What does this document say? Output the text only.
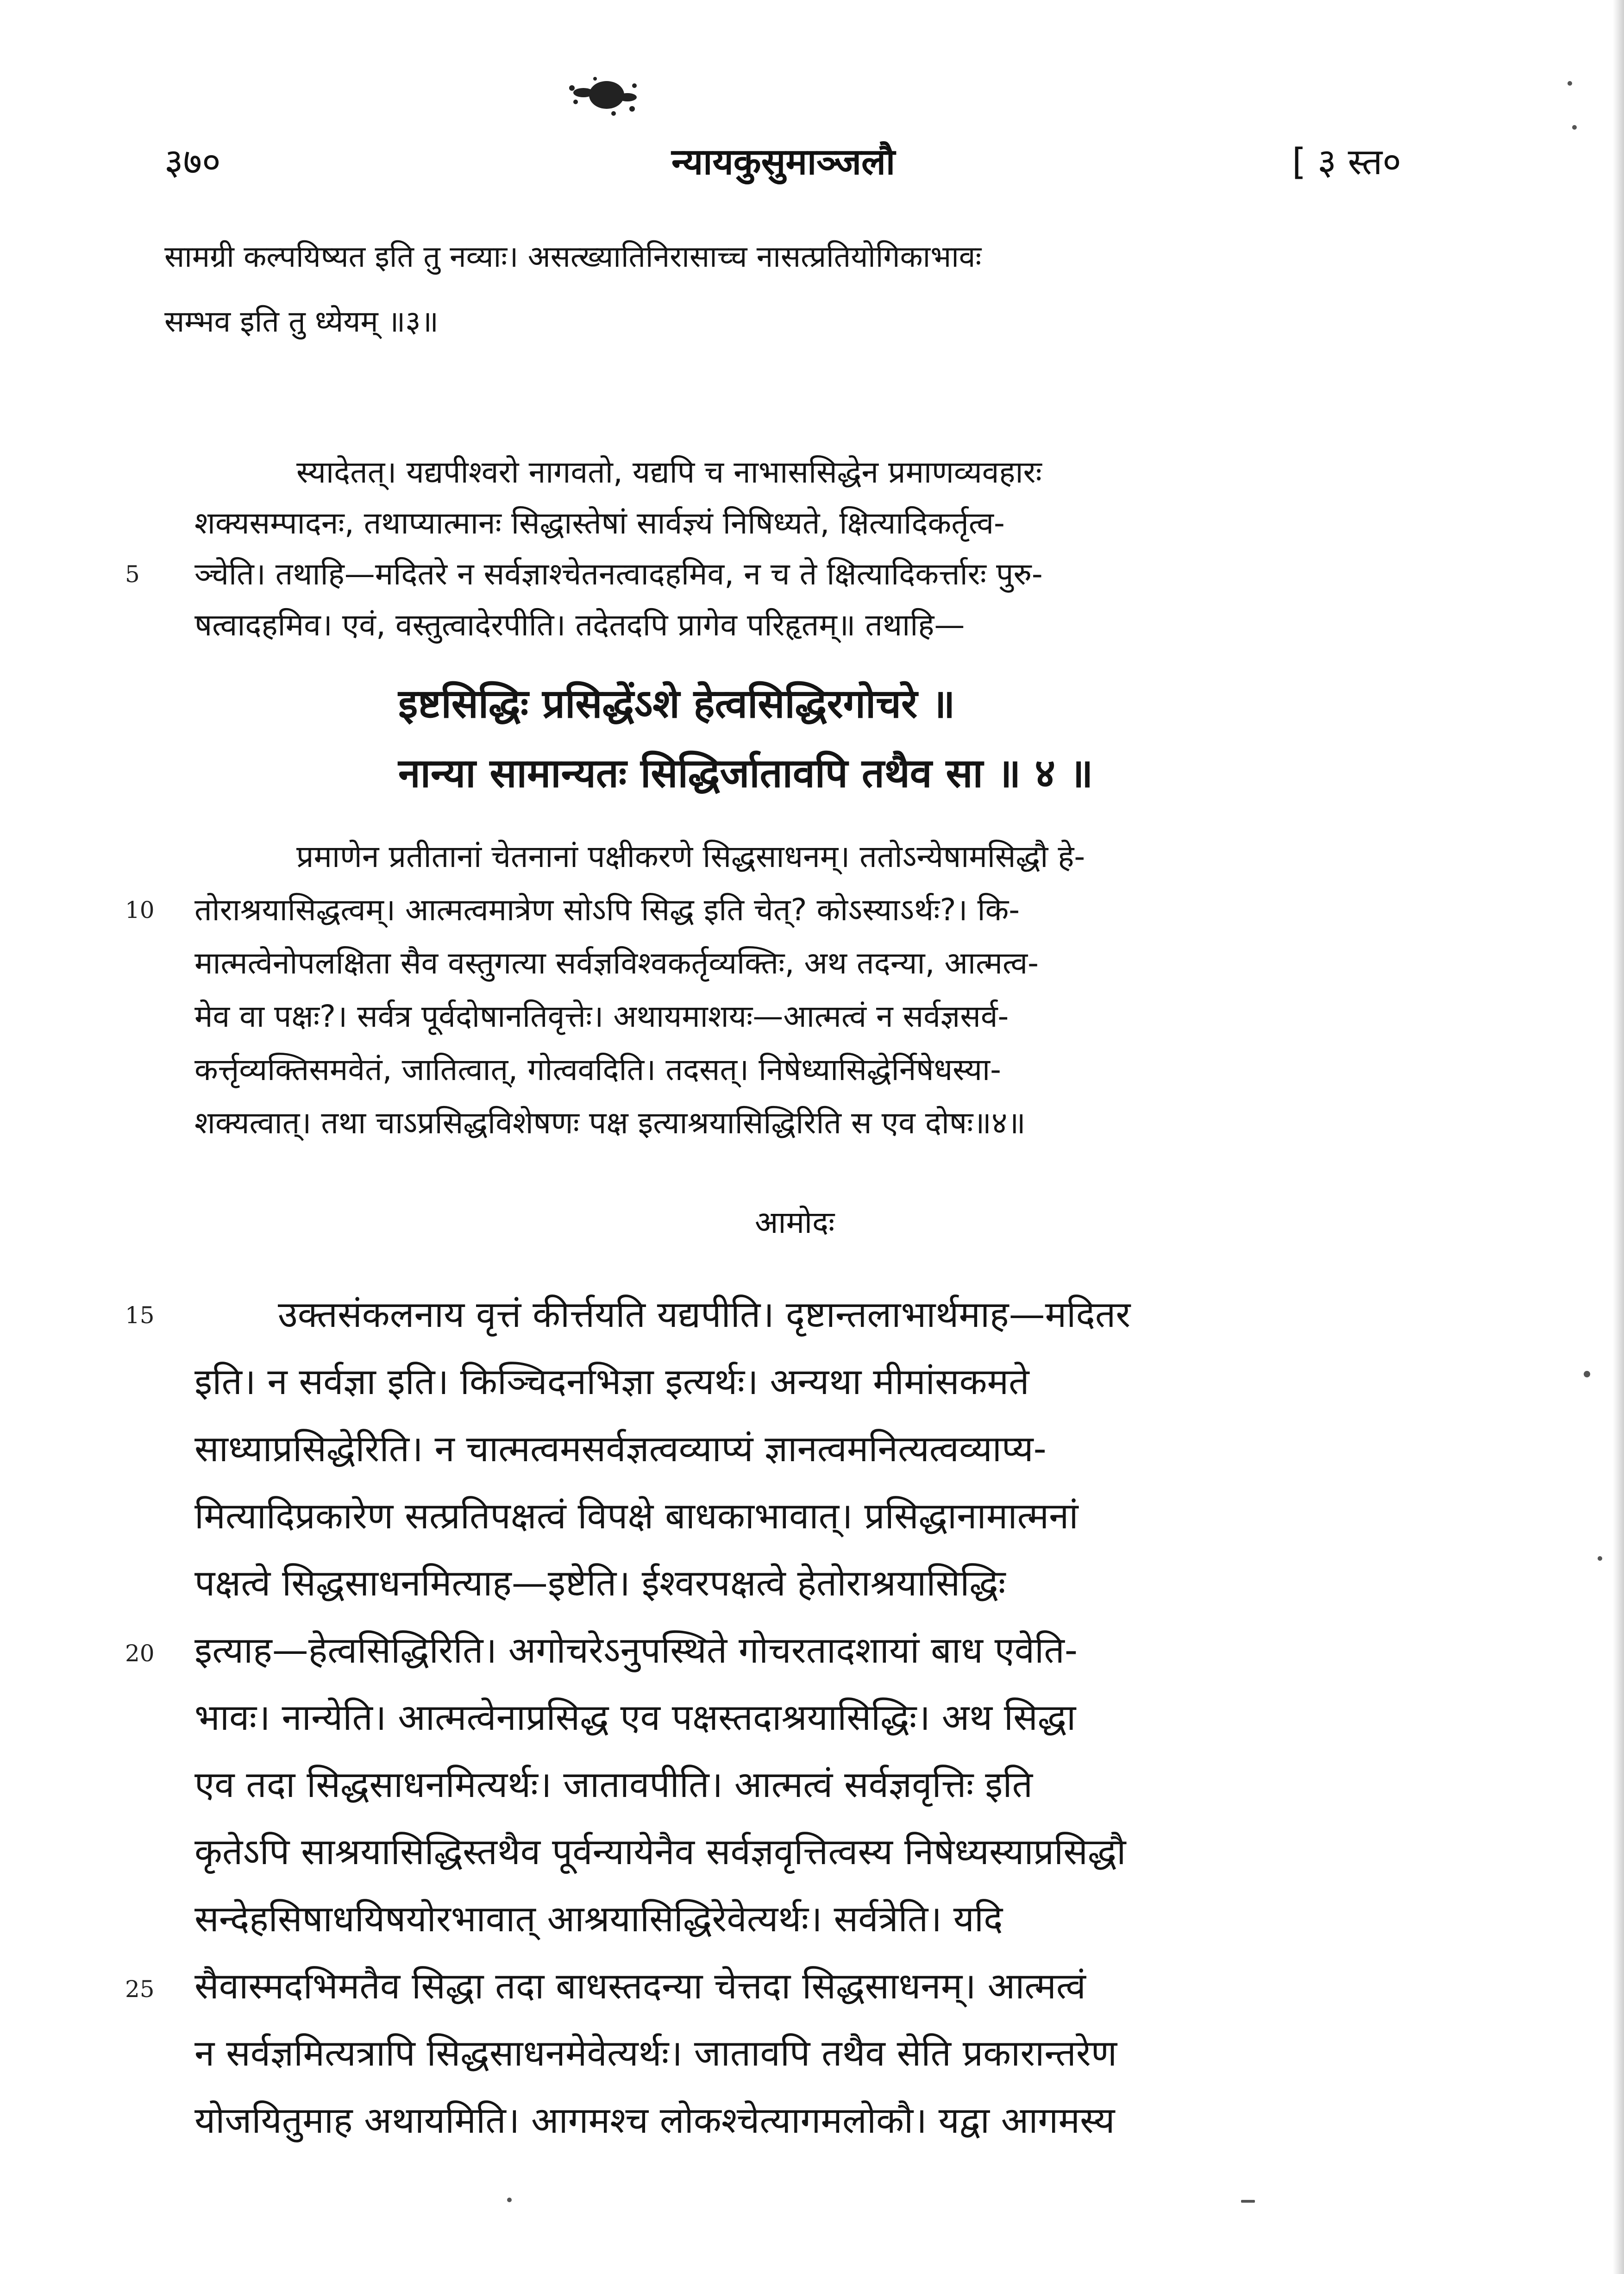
३७०	न्यायकुसुमाञ्जलौ	[ ३ स्त०
सामग्री कल्पयिष्यत इति तु नव्याः। असत्ख्यातिनिरासाच्च नासत्प्रतियोगिकाभावः
सम्भव इति तु ध्येयम् ॥३॥
स्यादेतत्। यद्यपीश्वरो नागवतो, यद्यपि च नाभाससिद्धेन प्रमाणव्यवहारः
शक्यसम्पादनः, तथाप्यात्मानः सिद्धास्तेषां सार्वज्ञ्यं निषिध्यते, क्षित्यादिकर्तृत्व-
ञ्चेति। तथाहि—मदितरे न सर्वज्ञाश्चेतनत्वादहमिव, न च ते क्षित्यादिकर्त्तारः पुरु-
षत्वादहमिव। एवं, वस्तुत्वादेरपीति। तदेतदपि प्रागेव परिहृतम्॥ तथाहि—
इष्टसिद्धिः प्रसिद्धेंऽशे हेत्वसिद्धिरगोचरे ॥
नान्या सामान्यतः सिद्धिर्जातावपि तथैव सा ॥ ४ ॥
प्रमाणेन प्रतीतानां चेतनानां पक्षीकरणे सिद्धसाधनम्। ततोऽन्येषामसिद्धौ हे-
तोराश्रयासिद्धत्वम्। आत्मत्वमात्रेण सोऽपि सिद्ध इति चेत्? कोऽस्याऽर्थः?। कि-
मात्मत्वेनोपलक्षिता सैव वस्तुगत्या सर्वज्ञविश्वकर्तृव्यक्तिः, अथ तदन्या, आत्मत्व-
मेव वा पक्षः?। सर्वत्र पूर्वदोषानतिवृत्तेः। अथायमाशयः—आत्मत्वं न सर्वज्ञसर्व-
कर्त्तृव्यक्तिसमवेतं, जातित्वात्, गोत्ववदिति। तदसत्। निषेध्यासिद्धेर्निषेधस्या-
शक्यत्वात्। तथा चाऽप्रसिद्धविशेषणः पक्ष इत्याश्रयासिद्धिरिति स एव दोषः॥४॥
आमोदः
उक्तसंकलनाय वृत्तं कीर्त्तयति यद्यपीति। दृष्टान्तलाभार्थमाह—मदितर
इति। न सर्वज्ञा इति। किञ्चिदनभिज्ञा इत्यर्थः। अन्यथा मीमांसकमते
साध्याप्रसिद्धेरिति। न चात्मत्वमसर्वज्ञत्वव्याप्यं ज्ञानत्वमनित्यत्वव्याप्य-
मित्यादिप्रकारेण सत्प्रतिपक्षत्वं विपक्षे बाधकाभावात्। प्रसिद्धानामात्मनां
पक्षत्वे सिद्धसाधनमित्याह—इष्टेति। ईश्वरपक्षत्वे हेतोराश्रयासिद्धिः
इत्याह—हेत्वसिद्धिरिति। अगोचरेऽनुपस्थिते गोचरतादशायां बाध एवेति-
भावः। नान्येति। आत्मत्वेनाप्रसिद्ध एव पक्षस्तदाश्रयासिद्धिः। अथ सिद्धा
एव तदा सिद्धसाधनमित्यर्थः। जातावपीति। आत्मत्वं सर्वज्ञवृत्तिः इति
कृतेऽपि साश्रयासिद्धिस्तथैव पूर्वन्यायेनैव सर्वज्ञवृत्तित्वस्य निषेध्यस्याप्रसिद्धौ
सन्देहसिषाधयिषयोरभावात् आश्रयासिद्धिरेवेत्यर्थः। सर्वत्रेति। यदि
सैवास्मदभिमतैव सिद्धा तदा बाधस्तदन्या चेत्तदा सिद्धसाधनम्। आत्मत्वं
न सर्वज्ञमित्यत्रापि सिद्धसाधनमेवेत्यर्थः। जातावपि तथैव सेति प्रकारान्तरेण
योजयितुमाह अथायमिति। आगमश्च लोकश्चेत्यागमलोकौ। यद्वा आगमस्य
5
10
15
20
25
